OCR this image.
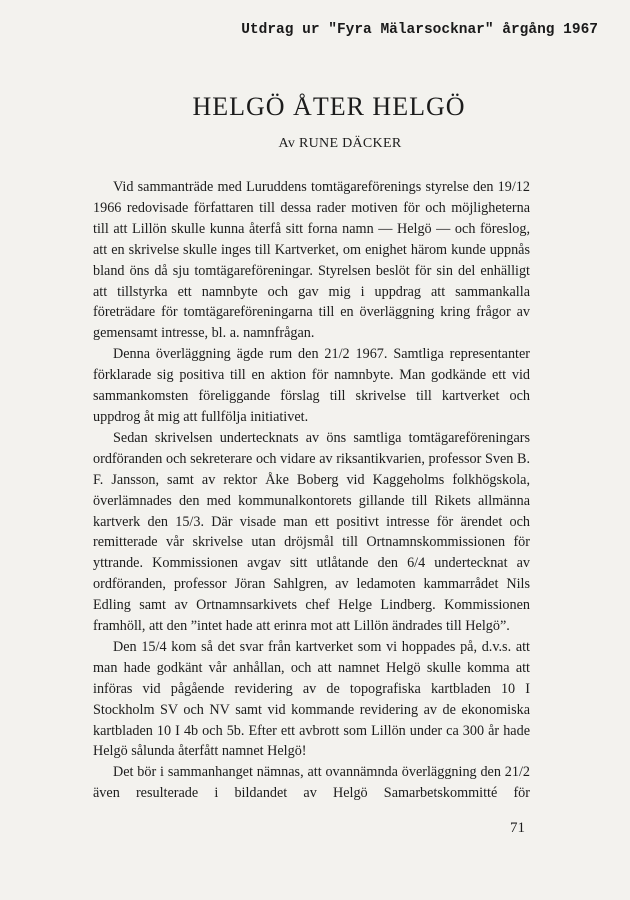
Utdrag ur "Fyra Mälarsocknar" årgång 1967
HELGÖ ÅTER HELGÖ
Av RUNE DÄCKER

Vid sammanträde med Luruddens tomtägareförenings styrelse den 19/12 1966 redovisade författaren till dessa rader motiven för och möjligheterna till att Lillön skulle kunna återfå sitt forna namn — Helgö — och föreslog, att en skrivelse skulle inges till Kartverket, om enighet härom kunde uppnås bland öns då sju tomtägareföreningar. Styrelsen beslöt för sin del enhälligt att tillstyrka ett namnbyte och gav mig i uppdrag att sammankalla företrädare för tomtägareföreningarna till en överläggning kring frågor av gemensamt intresse, bl. a. namnfrågan.

Denna överläggning ägde rum den 21/2 1967. Samtliga representanter förklarade sig positiva till en aktion för namnbyte. Man godkände ett vid sammankomsten föreliggande förslag till skrivelse till kartverket och uppdrog åt mig att fullfölja initiativet.

Sedan skrivelsen undertecknats av öns samtliga tomtägareföreningars ordföranden och sekreterare och vidare av riksantikvarien, professor Sven B. F. Jansson, samt av rektor Åke Boberg vid Kaggeholms folkhögskola, överlämnades den med kommunalkontorets gillande till Rikets allmänna kartverk den 15/3. Där visade man ett positivt intresse för ärendet och remitterade vår skrivelse utan dröjsmål till Ortnamnskommissionen för yttrande. Kommissionen avgav sitt utlåtande den 6/4 undertecknat av ordföranden, professor Jöran Sahlgren, av ledamoten kammarrådet Nils Edling samt av Ortnamnsarkivets chef Helge Lindberg. Kommissionen framhöll, att den ”intet hade att erinra mot att Lillön ändrades till Helgö”.

Den 15/4 kom så det svar från kartverket som vi hoppades på, d.v.s. att man hade godkänt vår anhållan, och att namnet Helgö skulle komma att införas vid pågående revidering av de topografiska kartbladen 10 I Stockholm SV och NV samt vid kommande revidering av de ekonomiska kartbladen 10 I 4b och 5b. Efter ett avbrott som Lillön under ca 300 år hade Helgö sålunda återfått namnet Helgö!

Det bör i sammanhanget nämnas, att ovannämnda överläggning den 21/2 även resulterade i bildandet av Helgö Samarbetskommitté för

71
